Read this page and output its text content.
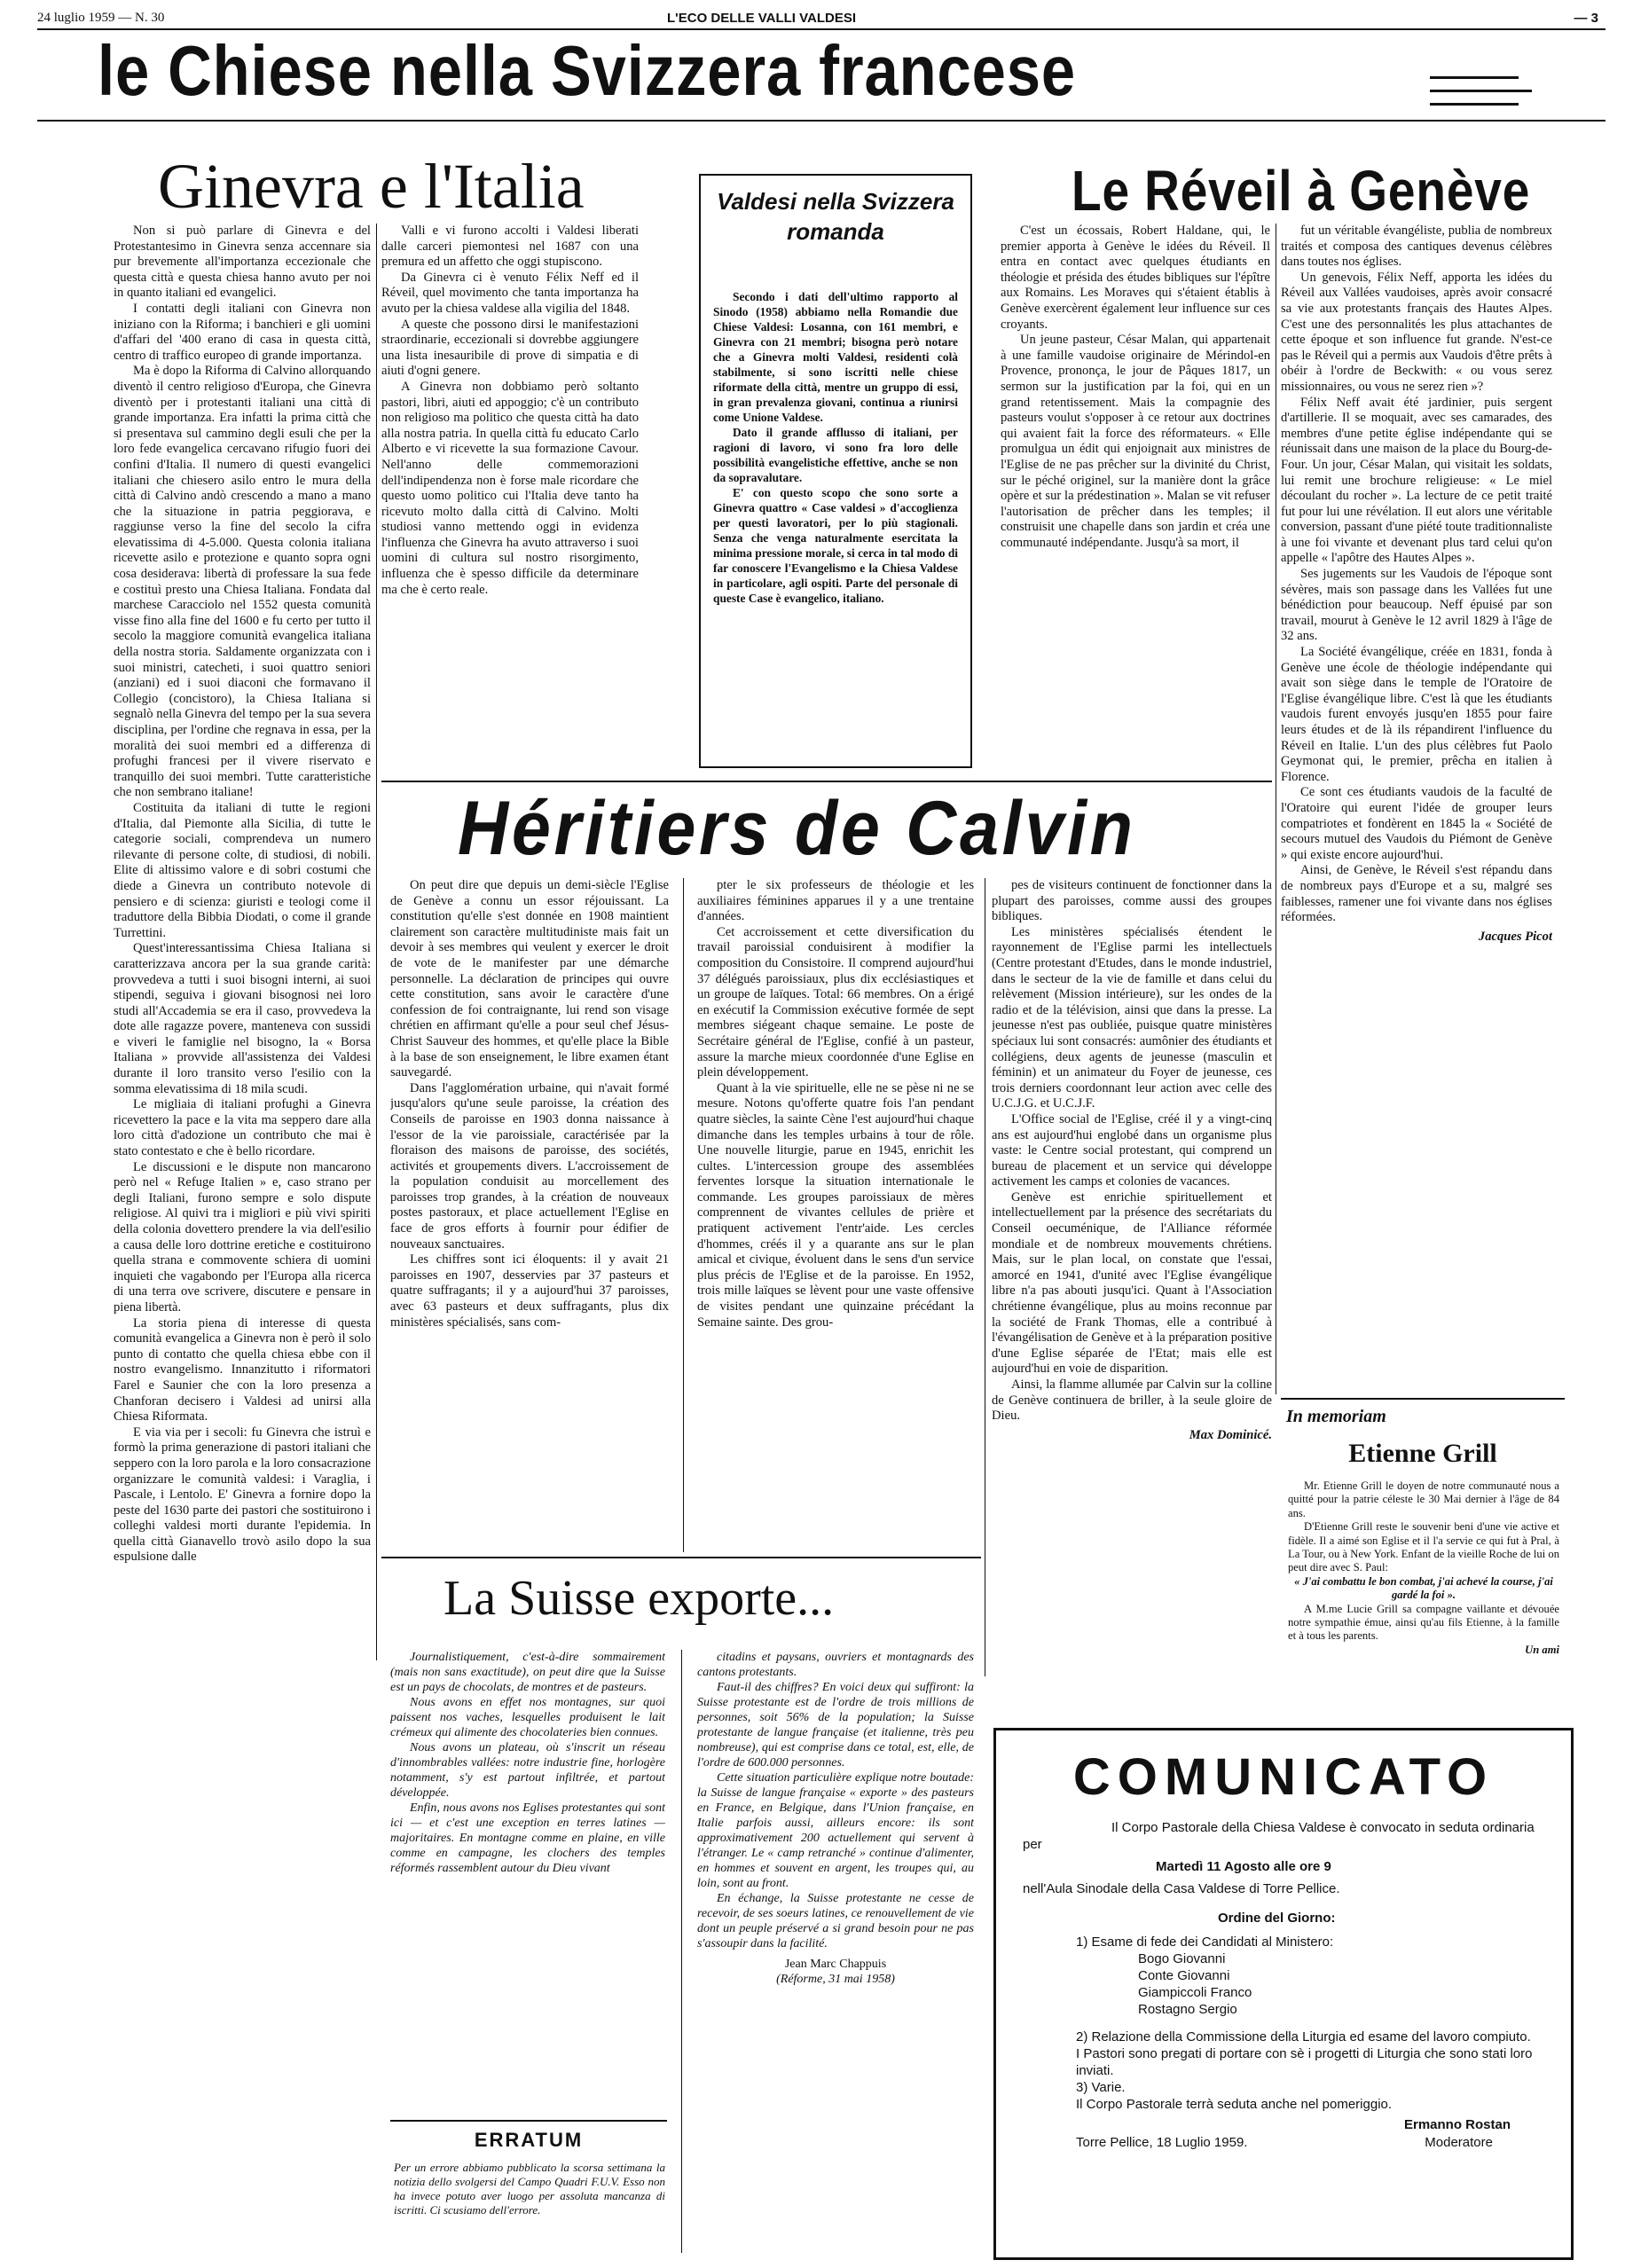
24 luglio 1959 — N. 30	L'ECO DELLE VALLI VALDESI	— 3
le Chiese nella Svizzera francese
Ginevra e l'Italia

Non si può parlare di Ginevra e del Protestantesimo in Ginevra senza accennare sia pur brevemente all'importanza eccezionale che questa città e questa chiesa hanno avuto per noi in quanto italiani ed evangelici.

I contatti degli italiani con Ginevra non iniziano con la Riforma; i banchieri e gli uomini d'affari del '400 erano di casa in questa città, centro di traffico europeo di grande importanza.

Ma è dopo la Riforma di Calvino allorquando diventò il centro religioso d'Europa, che Ginevra diventò per i protestanti italiani una città di grande importanza. Era infatti la prima città che si presentava sul cammino degli esuli che per la loro fede evangelica cercavano rifugio fuori dei confini d'Italia. Il numero di questi evangelici italiani che chiesero asilo entro le mura della città di Calvino andò crescendo a mano a mano che la situazione in patria peggiorava, e raggiunse verso la fine del secolo la cifra elevatissima di 4-5.000. Questa colonia italiana ricevette asilo e protezione e quanto sopra ogni cosa desiderava: libertà di professare la sua fede e costituì presto una Chiesa Italiana. Fondata dal marchese Caracciolo nel 1552 questa comunità visse fino alla fine del 1600 e fu certo per tutto il secolo la maggiore comunità evangelica italiana della nostra storia. Saldamente organizzata con i suoi ministri, catecheti, i suoi quattro seniori (anziani) ed i suoi diaconi che formavano il Collegio (concistoro), la Chiesa Italiana si segnalò nella Ginevra del tempo per la sua severa disciplina, per l'ordine che regnava in essa, per la moralità dei suoi membri ed a differenza di profughi francesi per il vivere riservato e tranquillo dei suoi membri. Tutte caratteristiche che non sembrano italiane!

Costituita da italiani di tutte le regioni d'Italia, dal Piemonte alla Sicilia, di tutte le categorie sociali, comprendeva un numero rilevante di persone colte, di studiosi, di nobili. Elite di altissimo valore e di sobri costumi che diede a Ginevra un contributo notevole di pensiero e di scienza: giuristi e teologi come il traduttore della Bibbia Diodati, o come il grande Turrettini.

Quest'interessantissima Chiesa Italiana si caratterizzava ancora per la sua grande carità: provvedeva a tutti i suoi bisogni interni, ai suoi stipendi, seguiva i giovani bisognosi nei loro studi all'Accademia se era il caso, provvedeva la dote alle ragazze povere, manteneva con sussidi e viveri le famiglie nel bisogno, la « Borsa Italiana » provvide all'assistenza dei Valdesi durante il loro transito verso l'esilio con la somma elevatissima di 18 mila scudi.

Le migliaia di italiani profughi a Ginevra ricevettero la pace e la vita ma seppero dare alla loro città d'adozione un contributo che mai è stato contestato e che è bello ricordare.

Le discussioni e le dispute non mancarono però nel « Refuge Italien » e, caso strano per degli Italiani, furono sempre e solo dispute religiose. Al quivi tra i migliori e più vivi spiriti della colonia dovettero prendere la via dell'esilio a causa delle loro dottrine eretiche e costituirono quella strana e commovente schiera di uomini inquieti che vagabondo per l'Europa alla ricerca di una terra ove scrivere, discutere e pensare in piena libertà.

La storia piena di interesse di questa comunità evangelica a Ginevra non è però il solo punto di contatto che quella chiesa ebbe con il nostro evangelismo. Innanzitutto i riformatori Farel e Saunier che con la loro presenza a Chanforan decisero i Valdesi ad unirsi alla Chiesa Riformata.

E via via per i secoli: fu Ginevra che istruì e formò la prima generazione di pastori italiani che seppero con la loro parola e la loro consacrazione organizzare le comunità valdesi: i Varaglia, i Pascale, i Lentolo. E' Ginevra a fornire dopo la peste del 1630 parte dei pastori che sostituirono i colleghi valdesi morti durante l'epidemia. In quella città Gianavello trovò asilo dopo la sua espulsione dalle

Valli e vi furono accolti i Valdesi liberati dalle carceri piemontesi nel 1687 con una premura ed un affetto che oggi stupiscono.

Da Ginevra ci è venuto Félix Neff ed il Réveil, quel movimento che tanta importanza ha avuto per la chiesa valdese alla vigilia del 1848.

A queste che possono dirsi le manifestazioni straordinarie, eccezionali si dovrebbe aggiungere una lista inesauribile di prove di simpatia e di aiuti d'ogni genere.

A Ginevra non dobbiamo però soltanto pastori, libri, aiuti ed appoggio; c'è un contributo non religioso ma politico che questa città ha dato alla nostra patria. In quella città fu educato Carlo Alberto e vi ricevette la sua formazione Cavour. Nell'anno delle commemorazioni dell'indipendenza non è forse male ricordare che questo uomo politico cui l'Italia deve tanto ha ricevuto molto dalla città di Calvino. Molti studiosi vanno mettendo oggi in evidenza l'influenza che Ginevra ha avuto attraverso i suoi uomini di cultura sul nostro risorgimento, influenza che è spesso difficile da determinare ma che è certo reale.

Valdesi nella Svizzera romanda

Secondo i dati dell'ultimo rapporto al Sinodo (1958) abbiamo nella Romandie due Chiese Valdesi: Losanna, con 161 membri, e Ginevra con 21 membri; bisogna però notare che a Ginevra molti Valdesi, residenti colà stabilmente, si sono iscritti nelle chiese riformate della città, mentre un gruppo di essi, in gran prevalenza giovani, continua a riunirsi come Unione Valdese.

Dato il grande afflusso di italiani, per ragioni di lavoro, vi sono fra loro delle possibilità evangelistiche effettive, anche se non da sopravalutare.

E' con questo scopo che sono sorte a Ginevra quattro « Case valdesi » d'accoglienza per questi lavoratori, per lo più stagionali. Senza che venga naturalmente esercitata la minima pressione morale, si cerca in tal modo di far conoscere l'Evangelismo e la Chiesa Valdese in particolare, agli ospiti. Parte del personale di queste Case è evangelico, italiano.

Le Réveil à Genève

C'est un écossais, Robert Haldane, qui, le premier apporta à Genève le idées du Réveil. Il entra en contact avec quelques étudiants en théologie et présida des études bibliques sur l'épître aux Romains. Les Moraves qui s'étaient établis à Genève exercèrent également leur influence sur ces croyants.

Un jeune pasteur, César Malan, qui appartenait à une famille vaudoise originaire de Mérindol-en Provence, prononça, le jour de Pâques 1817, un sermon sur la justification par la foi, qui en un grand retentissement. Mais la compagnie des pasteurs voulut s'opposer à ce retour aux doctrines qui avaient fait la force des réformateurs. « Elle promulgua un édit qui enjoignait aux ministres de l'Eglise de ne pas prêcher sur la divinité du Christ, sur le péché originel, sur la manière dont la grâce opère et sur la prédestination ». Malan se vit refuser l'autorisation de prêcher dans les temples; il construisit une chapelle dans son jardin et créa une communauté indépendante. Jusqu'à sa mort, il

fut un véritable évangéliste, publia de nombreux traités et composa des cantiques devenus célèbres dans toutes nos églises.

Un genevois, Félix Neff, apporta les idées du Réveil aux Vallées vaudoises, après avoir consacré sa vie aux protestants français des Hautes Alpes. C'est une des personnalités les plus attachantes de cette époque et son influence fut grande. N'est-ce pas le Réveil qui a permis aux Vaudois d'être prêts à obéir à l'ordre de Beckwith: « ou vous serez missionnaires, ou vous ne serez rien »?

Félix Neff avait été jardinier, puis sergent d'artillerie. Il se moquait, avec ses camarades, des membres d'une petite église indépendante qui se réunissait dans une maison de la place du Bourg-de-Four. Un jour, César Malan, qui visitait les soldats, lui remit une brochure religieuse: « Le miel découlant du rocher ». La lecture de ce petit traité fut pour lui une révélation. Il eut alors une véritable conversion, passant d'une piété toute traditionnaliste à une foi vivante et devenant plus tard celui qu'on appelle « l'apôtre des Hautes Alpes ».

Ses jugements sur les Vaudois de l'époque sont sévères, mais son passage dans les Vallées fut une bénédiction pour beaucoup. Neff épuisé par son travail, mourut à Genève le 12 avril 1829 à l'âge de 32 ans.

La Société évangélique, créée en 1831, fonda à Genève une école de théologie indépendante qui avait son siège dans le temple de l'Oratoire de l'Eglise évangélique libre. C'est là que les étudiants vaudois furent envoyés jusqu'en 1855 pour faire leurs études et de là ils répandirent l'influence du Réveil en Italie. L'un des plus célèbres fut Paolo Geymonat qui, le premier, prêcha en italien à Florence.

Ce sont ces étudiants vaudois de la faculté de l'Oratoire qui eurent l'idée de grouper leurs compatriotes et fondèrent en 1845 la « Société de secours mutuel des Vaudois du Piémont de Genève » qui existe encore aujourd'hui.

Ainsi, de Genève, le Réveil s'est répandu dans de nombreux pays d'Europe et a su, malgré ses faiblesses, ramener une foi vivante dans nos églises réformées.

Jacques Picot
Héritiers de Calvin

On peut dire que depuis un demi-siècle l'Eglise de Genève a connu un essor réjouissant. La constitution qu'elle s'est donnée en 1908 maintient clairement son caractère multitudiniste mais fait un devoir à ses membres qui veulent y exercer le droit de vote de le manifester par une démarche personnelle. La déclaration de principes qui ouvre cette constitution, sans avoir le caractère d'une confession de foi contraignante, lui rend son visage chrétien en affirmant qu'elle a pour seul chef Jésus-Christ Sauveur des hommes, et qu'elle place la Bible à la base de son enseignement, le libre examen étant sauvegardé.

Dans l'agglomération urbaine, qui n'avait formé jusqu'alors qu'une seule paroisse, la création des Conseils de paroisse en 1903 donna naissance à l'essor de la vie paroissiale, caractérisée par la floraison des maisons de paroisse, des sociétés, activités et groupements divers. L'accroissement de la population conduisit au morcellement des paroisses trop grandes, à la création de nouveaux postes pastoraux, et place actuellement l'Eglise en face de gros efforts à fournir pour édifier de nouveaux sanctuaires.

Les chiffres sont ici éloquents: il y avait 21 paroisses en 1907, desservies par 37 pasteurs et quatre suffragants; il y a aujourd'hui 37 paroisses, avec 63 pasteurs et deux suffragants, plus dix ministères spécialisés, sans com-

pter le six professeurs de théologie et les auxiliaires féminines apparues il y a une trentaine d'années.

Cet accroissement et cette diversification du travail paroissial conduisirent à modifier la composition du Consistoire. Il comprend aujourd'hui 37 délégués paroissiaux, plus dix ecclésiastiques et un groupe de laïques. Total: 66 membres. On a érigé en exécutif la Commission exécutive formée de sept membres siégeant chaque semaine. Le poste de Secrétaire général de l'Eglise, confié à un pasteur, assure la marche mieux coordonnée d'une Eglise en plein développement.

Quant à la vie spirituelle, elle ne se pèse ni ne se mesure. Notons qu'offerte quatre fois l'an pendant quatre siècles, la sainte Cène l'est aujourd'hui chaque dimanche dans les temples urbains à tour de rôle. Une nouvelle liturgie, parue en 1945, enrichit les cultes. L'intercession groupe des assemblées ferventes lorsque la situation internationale le commande. Les groupes paroissiaux de mères comprennent de vivantes cellules de prière et pratiquent activement l'entr'aide. Les cercles d'hommes, créés il y a quarante ans sur le plan amical et civique, évoluent dans le sens d'un service plus précis de l'Eglise et de la paroisse. En 1952, trois mille laïques se lèvent pour une vaste offensive de visites pendant une quinzaine précédant la Semaine sainte. Des grou-

pes de visiteurs continuent de fonctionner dans la plupart des paroisses, comme aussi des groupes bibliques.

Les ministères spécialisés étendent le rayonnement de l'Eglise parmi les intellectuels (Centre protestant d'Etudes, dans le monde industriel, dans le secteur de la vie de famille et dans celui du relèvement (Mission intérieure), sur les ondes de la radio et de la télévision, ainsi que dans la presse. La jeunesse n'est pas oubliée, puisque quatre ministères spéciaux lui sont consacrés: aumônier des étudiants et collégiens, deux agents de jeunesse (masculin et féminin) et un animateur du Foyer de jeunesse, ces trois derniers coordonnant leur action avec celle des U.C.J.G. et U.C.J.F.

L'Office social de l'Eglise, créé il y a vingt-cinq ans est aujourd'hui englobé dans un organisme plus vaste: le Centre social protestant, qui comprend un bureau de placement et un service qui développe activement les camps et colonies de vacances.

Genève est enrichie spirituellement et intellectuellement par la présence des secrétariats du Conseil oecuménique, de l'Alliance réformée mondiale et de nombreux mouvements chrétiens. Mais, sur le plan local, on constate que l'essai, amorcé en 1941, d'unité avec l'Eglise évangélique libre n'a pas abouti jusqu'ici. Quant à l'Association chrétienne évangélique, plus au moins reconnue par la société de Frank Thomas, elle a contribué à l'évangélisation de Genève et à la préparation positive d'une Eglise séparée de l'Etat; mais elle est aujourd'hui en voie de disparition.

Ainsi, la flamme allumée par Calvin sur la colline de Genève continuera de briller, à la seule gloire de Dieu.

Max Dominicé.
La Suisse exporte...

Journalistiquement, c'est-à-dire sommairement (mais non sans exactitude), on peut dire que la Suisse est un pays de chocolats, de montres et de pasteurs.

Nous avons en effet nos montagnes, sur quoi paissent nos vaches, lesquelles produisent le lait crémeux qui alimente des chocolateries bien connues.

Nous avons un plateau, où s'inscrit un réseau d'innombrables vallées: notre industrie fine, horlogère notamment, s'y est partout infiltrée, et partout développée.

Enfin, nous avons nos Eglises protestantes qui sont ici — et c'est une exception en terres latines — majoritaires. En montagne comme en plaine, en ville comme en campagne, les clochers des temples réformés rassemblent autour du Dieu vivant

citadins et paysans, ouvriers et montagnards des cantons protestants.

Faut-il des chiffres? En voici deux qui suffiront: la Suisse protestante est de l'ordre de trois millions de personnes, soit 56% de la population; la Suisse protestante de langue française (et italienne, très peu nombreuse), qui est comprise dans ce total, est, elle, de l'ordre de 600.000 personnes.

Cette situation particulière explique notre boutade: la Suisse de langue française « exporte » des pasteurs en France, en Belgique, dans l'Union française, en Italie parfois aussi, ailleurs encore: ils sont approximativement 200 actuellement qui servent à l'étranger. Le « camp retranché » continue d'alimenter, en hommes et souvent en argent, les troupes qui, au loin, sont au front.

En échange, la Suisse protestante ne cesse de recevoir, de ses soeurs latines, ce renouvellement de vie dont un peuple préservé a si grand besoin pour ne pas s'assoupir dans la facilité.

Jean Marc Chappuis
(Réforme, 31 mai 1958)
ERRATUM
Per un errore abbiamo pubblicato la scorsa settimana la notizia dello svolgersi del Campo Quadri F.U.V. Esso non ha invece potuto aver luogo per assoluta mancanza di iscritti. Ci scusiamo dell'errore.
In memoriam
Etienne Grill

Mr. Etienne Grill le doyen de notre communauté nous a quitté pour la patrie céleste le 30 Mai dernier à l'âge de 84 ans.

D'Etienne Grill reste le souvenir beni d'une vie active et fidèle. Il a aimé son Eglise et il l'a servie ce qui fut à Pral, à La Tour, ou à New York. Enfant de la vieille Roche de lui on peut dire avec S. Paul:

« J'ai combattu le bon combat, j'ai achevé la course, j'ai gardé la foi ».

A M.me Lucie Grill sa compagne vaillante et dévouée notre sympathie émue, ainsi qu'au fils Etienne, à la famille et à tous les parents.

Un ami
COMUNICATO
Il Corpo Pastorale della Chiesa Valdese è convocato in seduta ordinaria per
Martedì 11 Agosto alle ore 9
nell'Aula Sinodale della Casa Valdese di Torre Pellice.
Ordine del Giorno:
1) Esame di fede dei Candidati al Ministero:
Bogo Giovanni
Conte Giovanni
Giampiccoli Franco
Rostagno Sergio
2) Relazione della Commissione della Liturgia ed esame del lavoro compiuto.
I Pastori sono pregati di portare con sè i progetti di Liturgia che sono stati loro inviati.
3) Varie.
Il Corpo Pastorale terrà seduta anche nel pomeriggio.
Ermanno Rostan
Torre Pellice, 18 Luglio 1959.	Moderatore
